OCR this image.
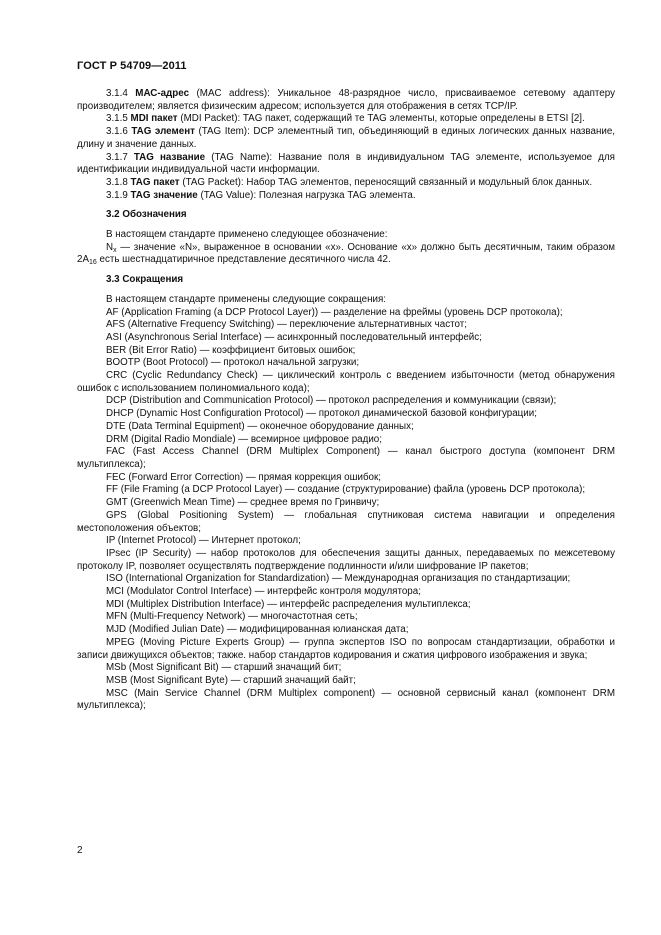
ГОСТ Р 54709—2011

3.1.4 МАС-адрес (MAC address): Уникальное 48-разрядное число, присваиваемое сетевому адаптеру производителем; является физическим адресом; используется для отображения в сетях TCP/IP.

3.1.5 MDI пакет (MDI Packet): TAG пакет, содержащий те TAG элементы, которые определены в ETSI [2].

3.1.6 TAG элемент (TAG Item): DCP элементный тип, объединяющий в единых логических данных название, длину и значение данных.

3.1.7 TAG название (TAG Name): Название поля в индивидуальном TAG элементе, используемое для идентификации индивидуальной части информации.

3.1.8 TAG пакет (TAG Packet): Набор TAG элементов, переносящий связанный и модульный блок данных.

3.1.9 TAG значение (TAG Value): Полезная нагрузка TAG элемента.

3.2 Обозначения

В настоящем стандарте применено следующее обозначение:

$N_x$ — значение «N», выраженное в основании «х». Основание «х» должно быть десятичным, таким образом $2A_{16}$ есть шестнадцатиричное представление десятичного числа 42.

3.3 Сокращения

В настоящем стандарте применены следующие сокращения:

AF (Application Framing (a DCP Protocol Layer)) — разделение на фреймы (уровень DCP протокола);

AFS (Alternative Frequency Switching) — переключение альтернативных частот;

ASI (Asynchronous Serial Interface) — асинхронный последовательный интерфейс;

BER (Bit Error Ratio) — коэффициент битовых ошибок;

BOOTP (Boot Protocol) — протокол начальной загрузки;

CRC (Cyclic Redundancy Check) — циклический контроль с введением избыточности (метод обнаружения ошибок с использованием полиномиального кода);

DCP (Distribution and Communication Protocol) — протокол распределения и коммуникации (связи);

DHCP (Dynamic Host Configuration Protocol) — протокол динамической базовой конфигурации;

DTE (Data Terminal Equipment) — оконечное оборудование данных;

DRM (Digital Radio Mondiale) — всемирное цифровое радио;

FAC (Fast Access Channel (DRM Multiplex Component) — канал быстрого доступа (компонент DRM мультиплекса);

FEC (Forward Error Correction) — прямая коррекция ошибок;

FF (File Framing (a DCP Protocol Layer) — создание (структурирование) файла (уровень DCP протокола);

GMT (Greenwich Mean Time) — среднее время по Гринвичу;

GPS (Global Positioning System) — глобальная спутниковая система навигации и определения местоположения объектов;

IP (Internet Protocol) — Интернет протокол;

IPsec (IP Security) — набор протоколов для обеспечения защиты данных, передаваемых по межсетевому протоколу IP, позволяет осуществлять подтверждение подлинности и/или шифрование IP пакетов;

ISO (International Organization for Standardization) — Международная организация по стандартизации;

MCI (Modulator Control Interface) — интерфейс контроля модулятора;

MDI (Multiplex Distribution Interface) — интерфейс распределения мультиплекса;

MFN (Multi-Frequency Network) — многочастотная сеть;

MJD (Modified Julian Date) — модифицированная юлианская дата;

MPEG (Moving Picture Experts Group) — группа экспертов ISO по вопросам стандартизации, обработки и записи движущихся объектов; также. набор стандартов кодирования и сжатия цифрового изображения и звука;

MSb (Most Significant Bit) — старший значащий бит;

MSB (Most Significant Byte) — старший значащий байт;

MSC (Main Service Channel (DRM Multiplex component) — основной сервисный канал (компонент DRM мультиплекса);

2
